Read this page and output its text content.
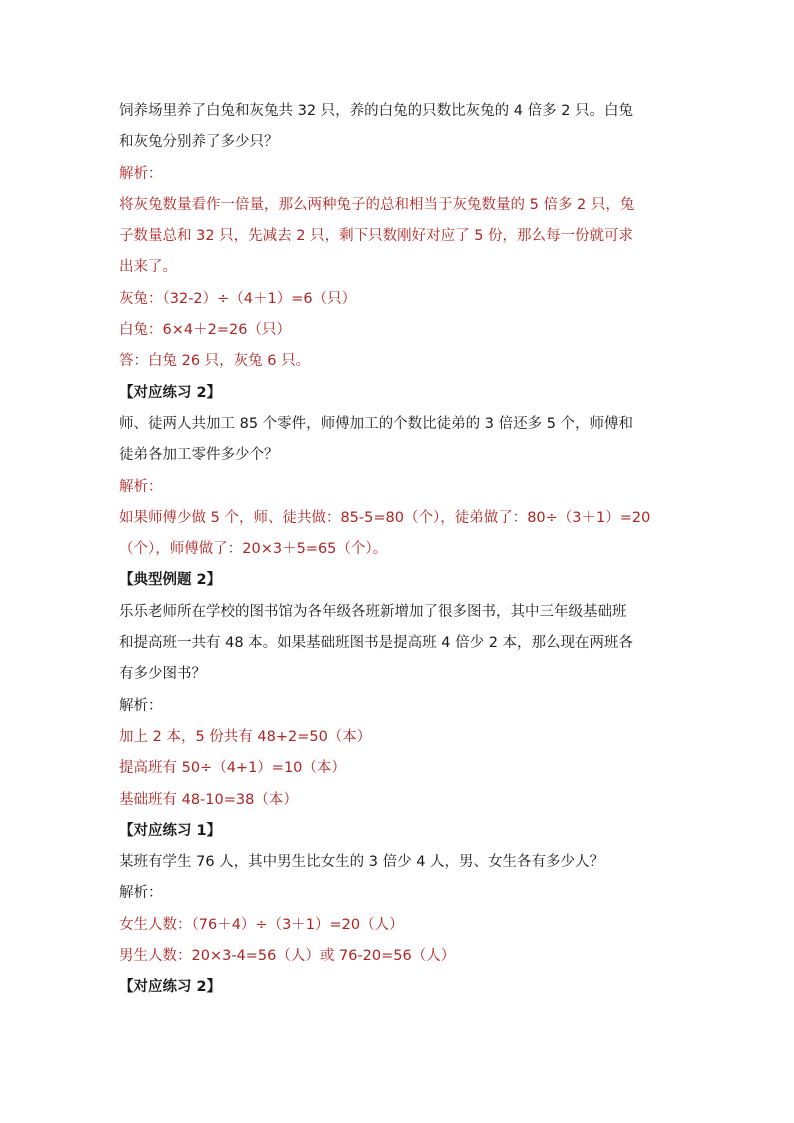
饲养场里养了白兔和灰兔共 32 只，养的白兔的只数比灰兔的 4 倍多 2 只。白兔
和灰兔分别养了多少只？
解析：
将灰兔数量看作一倍量，那么两种兔子的总和相当于灰兔数量的 5 倍多 2 只，兔
子数量总和 32 只，先减去 2 只，剩下只数刚好对应了 5 份，那么每一份就可求
出来了。
灰兔：（32-2）÷（4＋1）=6（只）
白兔：6×4＋2=26（只）
答：白兔 26 只，灰兔 6 只。
【对应练习 2】
师、徒两人共加工 85 个零件，师傅加工的个数比徒弟的 3 倍还多 5 个，师傅和
徒弟各加工零件多少个？
解析：
如果师傅少做 5 个，师、徒共做：85-5=80（个），徒弟做了：80÷（3＋1）=20
（个），师傅做了：20×3＋5=65（个）。
【典型例题 2】
乐乐老师所在学校的图书馆为各年级各班新增加了很多图书，其中三年级基础班
和提高班一共有 48 本。如果基础班图书是提高班 4 倍少 2 本，那么现在两班各
有多少图书？
解析：
加上 2 本，5 份共有 48+2=50（本）
提高班有 50÷（4+1）=10（本）
基础班有 48-10=38（本）
【对应练习 1】
某班有学生 76 人，其中男生比女生的 3 倍少 4 人，男、女生各有多少人？
解析：
女生人数：（76＋4）÷（3＋1）=20（人）
男生人数：20×3-4=56（人）或 76-20=56（人）
【对应练习 2】
